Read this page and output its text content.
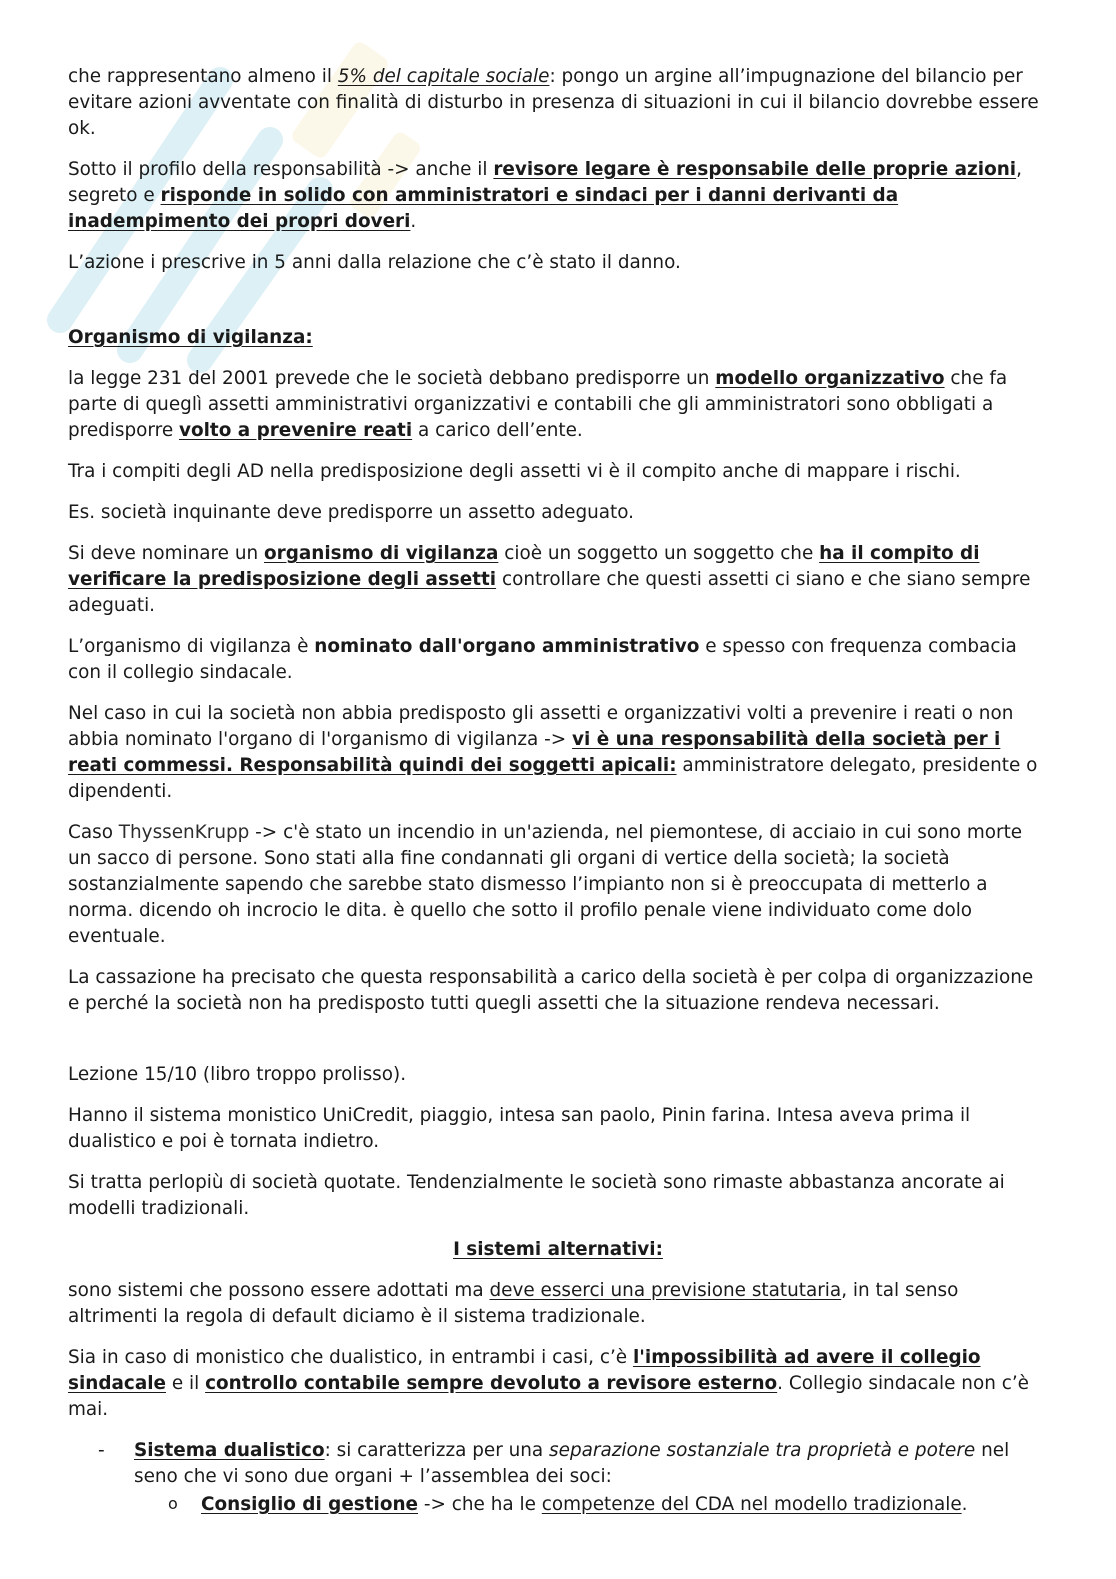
che rappresentano almeno il 5% del capitale sociale: pongo un argine all’impugnazione del bilancio per evitare azioni avventate con finalità di disturbo in presenza di situazioni in cui il bilancio dovrebbe essere ok.

Sotto il profilo della responsabilità -> anche il revisore legare è responsabile delle proprie azioni, segreto e risponde in solido con amministratori e sindaci per i danni derivanti da inadempimento dei propri doveri.

L’azione i prescrive in 5 anni dalla relazione che c’è stato il danno.

Organismo di vigilanza:

la legge 231 del 2001 prevede che le società debbano predisporre un modello organizzativo che fa parte di queglì assetti amministrativi organizzativi e contabili che gli amministratori sono obbligati a predisporre volto a prevenire reati a carico dell’ente.

Tra i compiti degli AD nella predisposizione degli assetti vi è il compito anche di mappare i rischi.

Es. società inquinante deve predisporre un assetto adeguato.

Si deve nominare un organismo di vigilanza cioè un soggetto un soggetto che ha il compito di verificare la predisposizione degli assetti controllare che questi assetti ci siano e che siano sempre adeguati.

L’organismo di vigilanza è nominato dall'organo amministrativo e spesso con frequenza combacia con il collegio sindacale.

Nel caso in cui la società non abbia predisposto gli assetti e organizzativi volti a prevenire i reati o non abbia nominato l'organo di l'organismo di vigilanza -> vi è una responsabilità della società per i reati commessi. Responsabilità quindi dei soggetti apicali: amministratore delegato, presidente o dipendenti.

Caso ThyssenKrupp -> c'è stato un incendio in un'azienda, nel piemontese, di acciaio in cui sono morte un sacco di persone. Sono stati alla fine condannati gli organi di vertice della società; la società sostanzialmente sapendo che sarebbe stato dismesso l’impianto non si è preoccupata di metterlo a norma. dicendo oh incrocio le dita. è quello che sotto il profilo penale viene individuato come dolo eventuale.

La cassazione ha precisato che questa responsabilità a carico della società è per colpa di organizzazione e perché la società non ha predisposto tutti quegli assetti che la situazione rendeva necessari.

Lezione 15/10 (libro troppo prolisso).

Hanno il sistema monistico UniCredit, piaggio, intesa san paolo, Pinin farina. Intesa aveva prima il dualistico e poi è tornata indietro.

Si tratta perlopiù di società quotate. Tendenzialmente le società sono rimaste abbastanza ancorate ai modelli tradizionali.

I sistemi alternativi:

sono sistemi che possono essere adottati ma deve esserci una previsione statutaria, in tal senso altrimenti la regola di default diciamo è il sistema tradizionale.

Sia in caso di monistico che dualistico, in entrambi i casi, c’è l'impossibilità ad avere il collegio sindacale e il controllo contabile sempre devoluto a revisore esterno. Collegio sindacale non c’è mai.

- Sistema dualistico: si caratterizza per una separazione sostanziale tra proprietà e potere nel seno che vi sono due organi + l’assemblea dei soci:
o Consiglio di gestione -> che ha le competenze del CDA nel modello tradizionale.
